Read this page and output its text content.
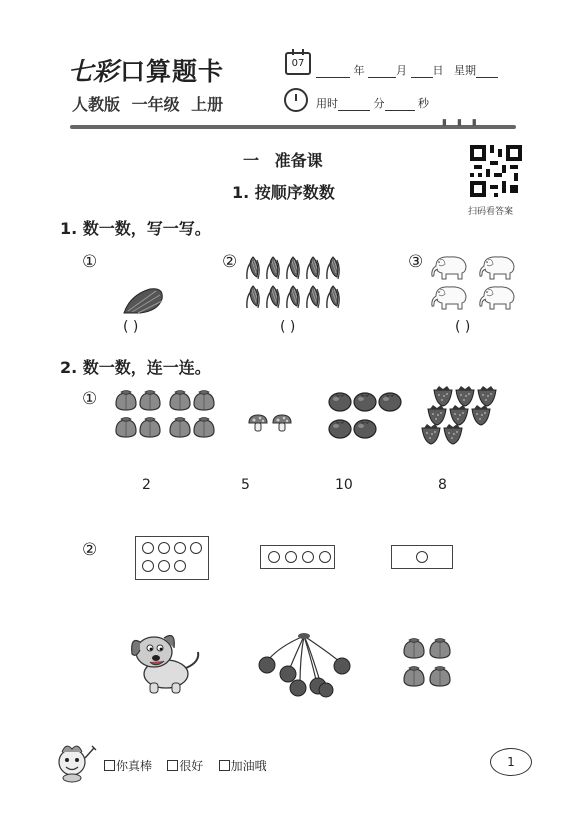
七彩口算题卡
人教版 一年级 上册
07
年	月 日 星期
用时	分	秒
▮▮▮
一 准备课
1. 按顺序数数
扫码看答案
1. 数一数，写一写。
①
( )
②
( )
③
( )
2. 数一数，连一连。
①
2	5	10	8
②
你真棒 很好 加油哦	1
